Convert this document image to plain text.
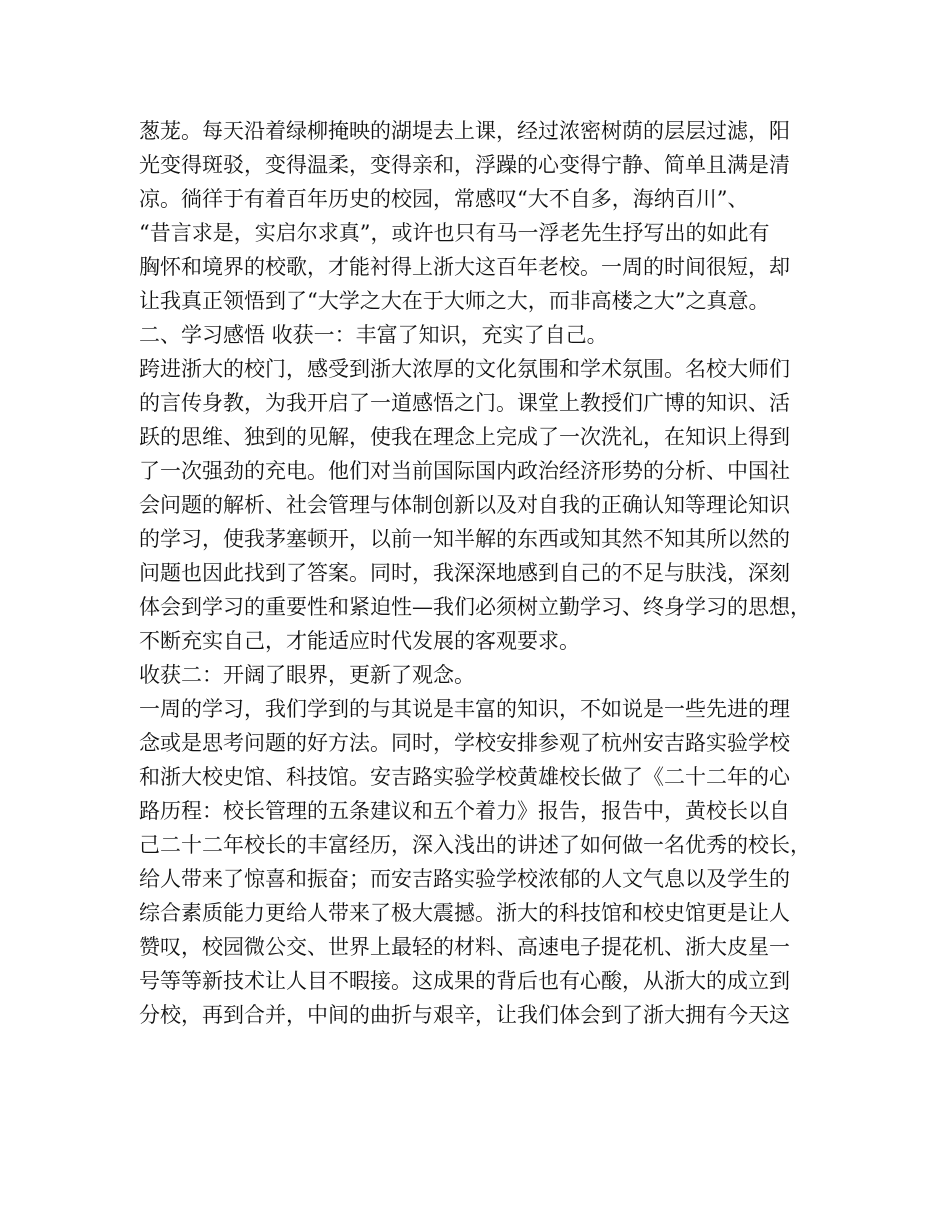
葱茏。每天沿着绿柳掩映的湖堤去上课，经过浓密树荫的层层过滤，阳
光变得斑驳，变得温柔，变得亲和，浮躁的心变得宁静、简单且满是清
凉。徜徉于有着百年历史的校园，常感叹“大不自多，海纳百川”、
“昔言求是，实启尔求真”，或许也只有马一浮老先生抒写出的如此有
胸怀和境界的校歌，才能衬得上浙大这百年老校。一周的时间很短，却
让我真正领悟到了“大学之大在于大师之大，而非高楼之大”之真意。
二、学习感悟 收获一：丰富了知识，充实了自己。
跨进浙大的校门，感受到浙大浓厚的文化氛围和学术氛围。名校大师们
的言传身教，为我开启了一道感悟之门。课堂上教授们广博的知识、活
跃的思维、独到的见解，使我在理念上完成了一次洗礼，在知识上得到
了一次强劲的充电。他们对当前国际国内政治经济形势的分析、中国社
会问题的解析、社会管理与体制创新以及对自我的正确认知等理论知识
的学习，使我茅塞顿开，以前一知半解的东西或知其然不知其所以然的
问题也因此找到了答案。同时，我深深地感到自己的不足与肤浅，深刻
体会到学习的重要性和紧迫性—我们必须树立勤学习、终身学习的思想，
不断充实自己，才能适应时代发展的客观要求。
收获二：开阔了眼界，更新了观念。
一周的学习，我们学到的与其说是丰富的知识，不如说是一些先进的理
念或是思考问题的好方法。同时，学校安排参观了杭州安吉路实验学校
和浙大校史馆、科技馆。安吉路实验学校黄雄校长做了《二十二年的心
路历程：校长管理的五条建议和五个着力》报告，报告中，黄校长以自
己二十二年校长的丰富经历，深入浅出的讲述了如何做一名优秀的校长，
给人带来了惊喜和振奋；而安吉路实验学校浓郁的人文气息以及学生的
综合素质能力更给人带来了极大震撼。浙大的科技馆和校史馆更是让人
赞叹，校园微公交、世界上最轻的材料、高速电子提花机、浙大皮星一
号等等新技术让人目不暇接。这成果的背后也有心酸，从浙大的成立到
分校，再到合并，中间的曲折与艰辛，让我们体会到了浙大拥有今天这
